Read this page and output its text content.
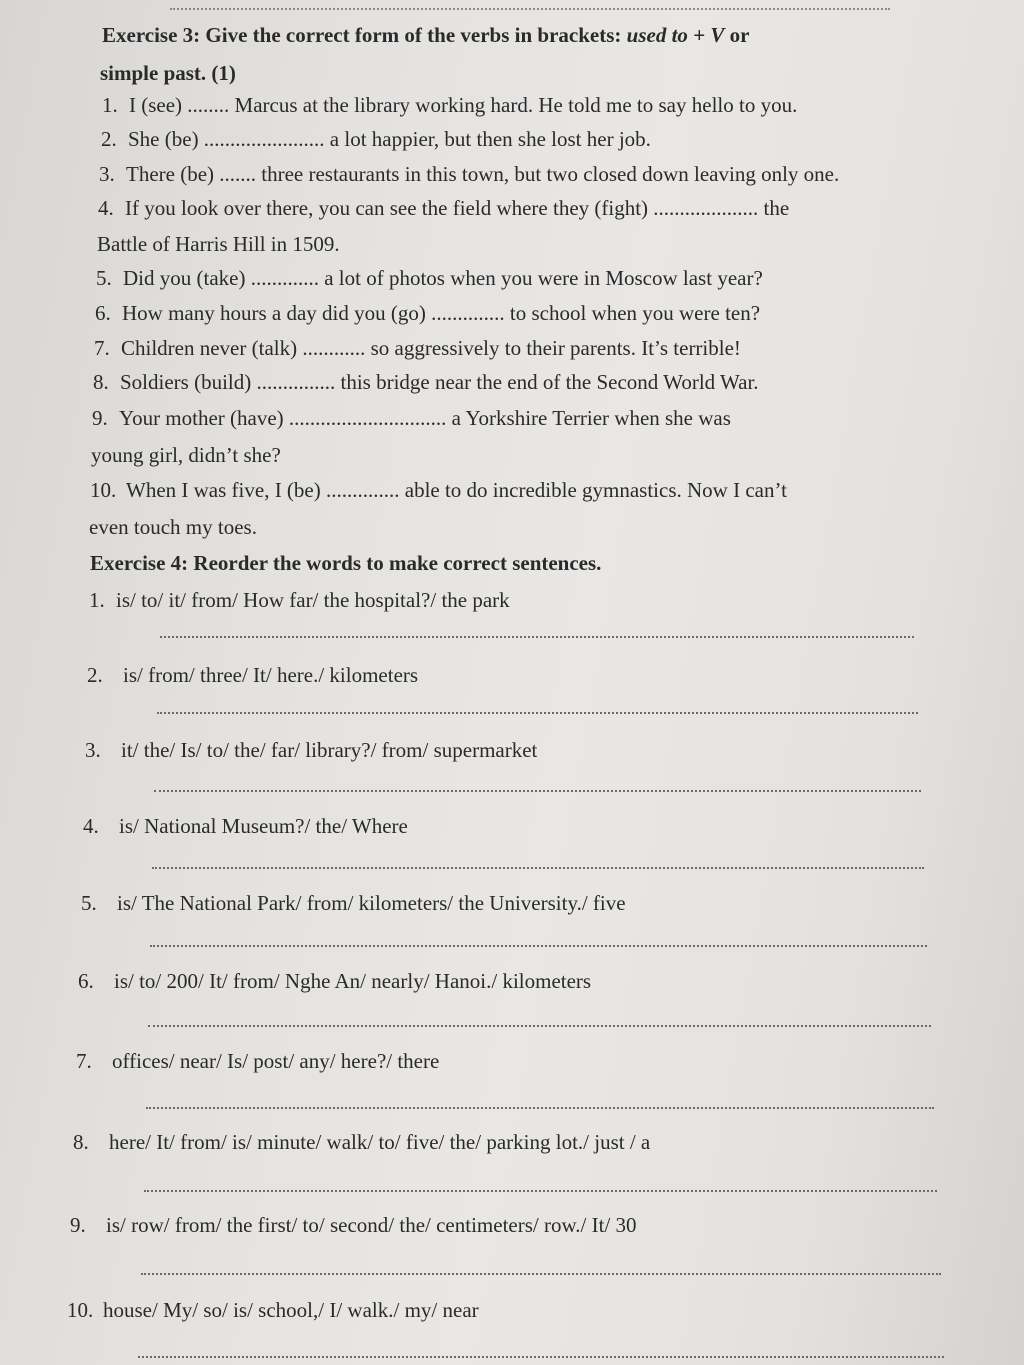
Exercise 3: Give the correct form of the verbs in brackets: used to + V or
simple past. (1)
1. I (see) ........ Marcus at the library working hard. He told me to say hello to you.
2. She (be) ....................... a lot happier, but then she lost her job.
3. There (be) ....... three restaurants in this town, but two closed down leaving only one.
4. If you look over there, you can see the field where they (fight) .................... the
Battle of Harris Hill in 1509.
5. Did you (take) ............. a lot of photos when you were in Moscow last year?
6. How many hours a day did you (go) .............. to school when you were ten?
7. Children never (talk) ............ so aggressively to their parents. It’s terrible!
8. Soldiers (build) ............... this bridge near the end of the Second World War.
9. Your mother (have) .............................. a Yorkshire Terrier when she was
young girl, didn’t she?
10. When I was five, I (be) .............. able to do incredible gymnastics. Now I can’t
even touch my toes.
Exercise 4: Reorder the words to make correct sentences.
1. is/ to/ it/ from/ How far/ the hospital?/ the park
2. is/ from/ three/ It/ here./ kilometers
3. it/ the/ Is/ to/ the/ far/ library?/ from/ supermarket
4. is/ National Museum?/ the/ Where
5. is/ The National Park/ from/ kilometers/ the University./ five
6. is/ to/ 200/ It/ from/ Nghe An/ nearly/ Hanoi./ kilometers
7. offices/ near/ Is/ post/ any/ here?/ there
8. here/ It/ from/ is/ minute/ walk/ to/ five/ the/ parking lot./ just / a
9. is/ row/ from/ the first/ to/ second/ the/ centimeters/ row./ It/ 30
10. house/ My/ so/ is/ school,/ I/ walk./ my/ near
